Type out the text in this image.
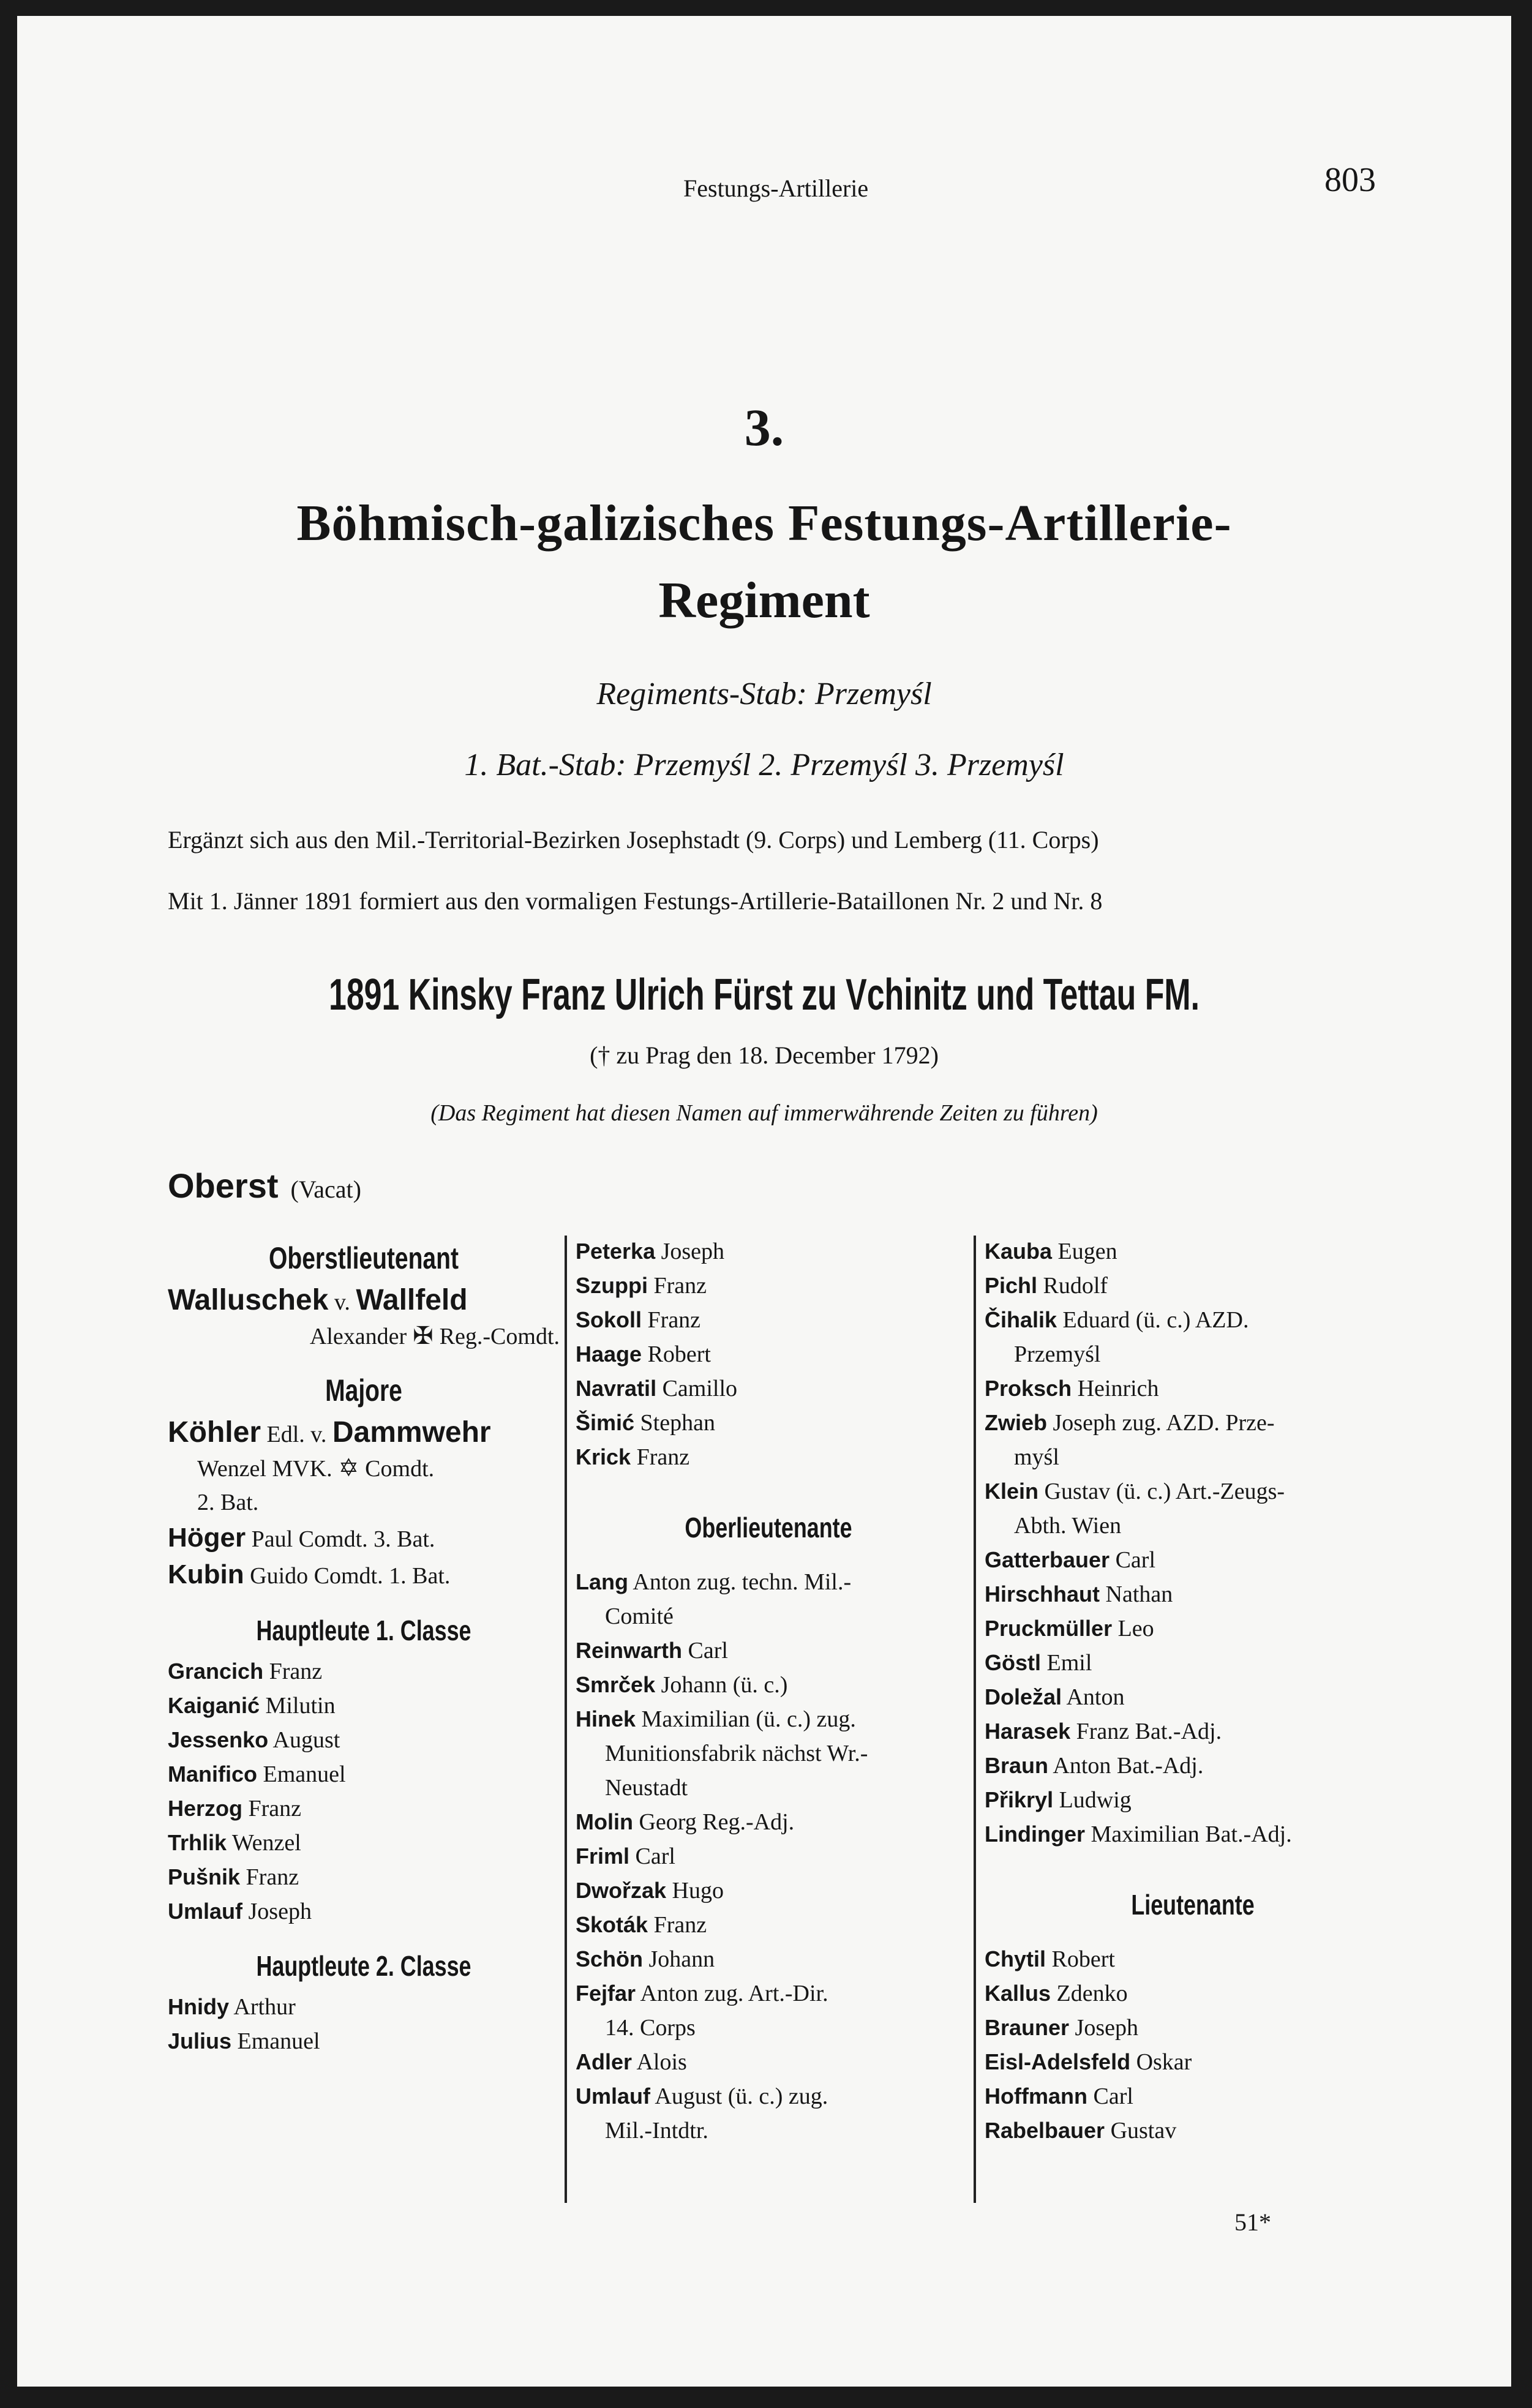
Festungs-Artillerie	803
3.
Böhmisch-galizisches Festungs-Artillerie-
Regiment
Regiments-Stab: Przemyśl
1. Bat.-Stab: Przemyśl 2. Przemyśl 3. Przemyśl
Ergänzt sich aus den Mil.-Territorial-Bezirken Josephstadt (9. Corps) und Lemberg (11. Corps)
Mit 1. Jänner 1891 formiert aus den vormaligen Festungs-Artillerie-Bataillonen Nr. 2 und Nr. 8
1891 Kinsky Franz Ulrich Fürst zu Vchinitz und Tettau FM.
(† zu Prag den 18. December 1792)
(Das Regiment hat diesen Namen auf immerwährende Zeiten zu führen)
Oberst (Vacat)
Oberstlieutenant
Walluschek v. Wallfeld
Alexander ✠ Reg.-Comdt.
Majore
Köhler Edl. v. Dammwehr
Wenzel MVK. ✡ Comdt.
2. Bat.
Höger Paul Comdt. 3. Bat.
Kubin Guido Comdt. 1. Bat.
Hauptleute 1. Classe
Grancich Franz
Kaiganić Milutin
Jessenko August
Manifico Emanuel
Herzog Franz
Trhlik Wenzel
Pušnik Franz
Umlauf Joseph
Hauptleute 2. Classe
Hnidy Arthur
Julius Emanuel
Peterka Joseph
Szuppi Franz
Sokoll Franz
Haage Robert
Navratil Camillo
Šimić Stephan
Krick Franz
Oberlieutenante
Lang Anton zug. techn. Mil.-
Comité
Reinwarth Carl
Smrček Johann (ü. c.)
Hinek Maximilian (ü. c.) zug.
Munitionsfabrik nächst Wr.-
Neustadt
Molin Georg Reg.-Adj.
Friml Carl
Dwořzak Hugo
Skoták Franz
Schön Johann
Fejfar Anton zug. Art.-Dir.
14. Corps
Adler Alois
Umlauf August (ü. c.) zug.
Mil.-Intdtr.
Kauba Eugen
Pichl Rudolf
Čihalik Eduard (ü. c.) AZD.
Przemyśl
Proksch Heinrich
Zwieb Joseph zug. AZD. Prze-
myśl
Klein Gustav (ü. c.) Art.-Zeugs-
Abth. Wien
Gatterbauer Carl
Hirschhaut Nathan
Pruckmüller Leo
Göstl Emil
Doležal Anton
Harasek Franz Bat.-Adj.
Braun Anton Bat.-Adj.
Přikryl Ludwig
Lindinger Maximilian Bat.-Adj.
Lieutenante
Chytil Robert
Kallus Zdenko
Brauner Joseph
Eisl-Adelsfeld Oskar
Hoffmann Carl
Rabelbauer Gustav
51*
